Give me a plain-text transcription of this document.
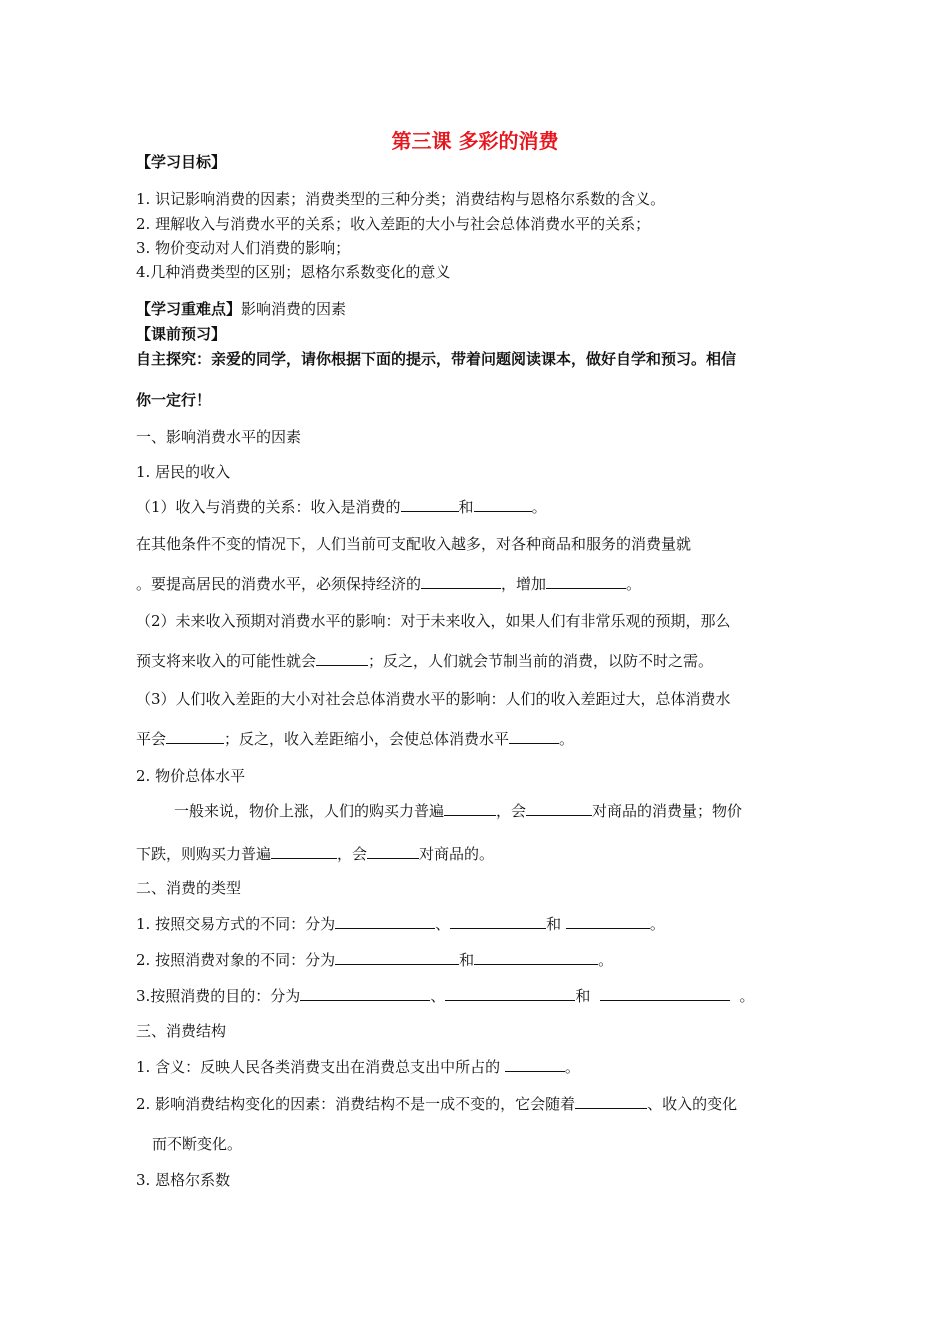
第三课 多彩的消费
【学习目标】
1. 识记影响消费的因素；消费类型的三种分类；消费结构与恩格尔系数的含义。
2. 理解收入与消费水平的关系；收入差距的大小与社会总体消费水平的关系；
3. 物价变动对人们消费的影响；
4.几种消费类型的区别；恩格尔系数变化的意义
【学习重难点】影响消费的因素
【课前预习】
自主探究：亲爱的同学，请你根据下面的提示，带着问题阅读课本，做好自学和预习。相信
你一定行！
一、影响消费水平的因素
1. 居民的收入
（1）收入与消费的关系：收入是消费的	和	。
在其他条件不变的情况下，人们当前可支配收入越多，对各种商品和服务的消费量就
。要提高居民的消费水平，必须保持经济的	，增加	。
（2）未来收入预期对消费水平的影响：对于未来收入，如果人们有非常乐观的预期，那么
预支将来收入的可能性就会	；反之，人们就会节制当前的消费，以防不时之需。
（3）人们收入差距的大小对社会总体消费水平的影响：人们的收入差距过大，总体消费水
平会	；反之，收入差距缩小，会使总体消费水平	。
2. 物价总体水平
一般来说，物价上涨，人们的购买力普遍	，会	对商品的消费量；物价
下跌，则购买力普遍	，会	对商品的。
二、消费的类型
1. 按照交易方式的不同：分为	、	和	。
2. 按照消费对象的不同：分为	和	。
3.按照消费的目的：分为	、	和	。
三、消费结构
1. 含义：反映人民各类消费支出在消费总支出中所占的	。
2. 影响消费结构变化的因素：消费结构不是一成不变的，它会随着	、收入的变化
而不断变化。
3. 恩格尔系数
